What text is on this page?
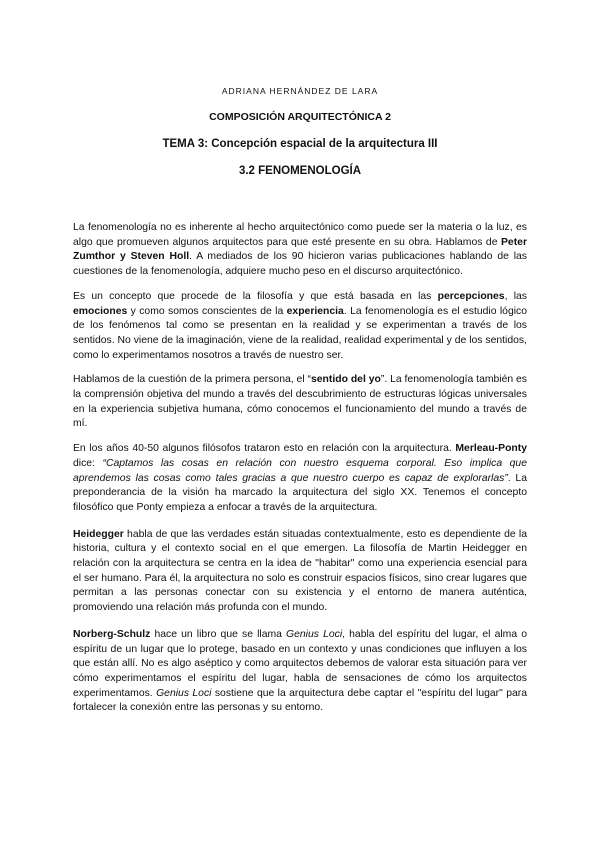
ADRIANA HERNÁNDEZ DE LARA
COMPOSICIÓN ARQUITECTÓNICA 2
TEMA 3: Concepción espacial de la arquitectura III
3.2 FENOMENOLOGÍA

La fenomenología no es inherente al hecho arquitectónico como puede ser la materia o la luz, es algo que promueven algunos arquitectos para que esté presente en su obra. Hablamos de Peter Zumthor y Steven Holl. A mediados de los 90 hicieron varias publicaciones hablando de las cuestiones de la fenomenología, adquiere mucho peso en el discurso arquitectónico.

Es un concepto que procede de la filosofía y que está basada en las percepciones, las emociones y como somos conscientes de la experiencia. La fenomenología es el estudio lógico de los fenómenos tal como se presentan en la realidad y se experimentan a través de los sentidos. No viene de la imaginación, viene de la realidad, realidad experimental y de los sentidos, como lo experimentamos nosotros a través de nuestro ser.

Hablamos de la cuestión de la primera persona, el “sentido del yo”. La fenomenología también es la comprensión objetiva del mundo a través del descubrimiento de estructuras lógicas universales en la experiencia subjetiva humana, cómo conocemos el funcionamiento del mundo a través de mí.

En los años 40-50 algunos filósofos trataron esto en relación con la arquitectura. Merleau-Ponty dice: “Captamos las cosas en relación con nuestro esquema corporal. Eso implica que aprendemos las cosas como tales gracias a que nuestro cuerpo es capaz de explorarlas”. La preponderancia de la visión ha marcado la arquitectura del siglo XX. Tenemos el concepto filosófico que Ponty empieza a enfocar a través de la arquitectura.

Heidegger habla de que las verdades están situadas contextualmente, esto es dependiente de la historia, cultura y el contexto social en el que emergen. La filosofía de Martin Heidegger en relación con la arquitectura se centra en la idea de "habitar" como una experiencia esencial para el ser humano. Para él, la arquitectura no solo es construir espacios físicos, sino crear lugares que permitan a las personas conectar con su existencia y el entorno de manera auténtica, promoviendo una relación más profunda con el mundo.

Norberg-Schulz hace un libro que se llama Genius Loci, habla del espíritu del lugar, el alma o espíritu de un lugar que lo protege, basado en un contexto y unas condiciones que influyen a los que están allí. No es algo aséptico y como arquitectos debemos de valorar esta situación para ver cómo experimentamos el espíritu del lugar, habla de sensaciones de cómo los arquitectos experimentamos. Genius Loci sostiene que la arquitectura debe captar el "espíritu del lugar" para fortalecer la conexión entre las personas y su entorno.
